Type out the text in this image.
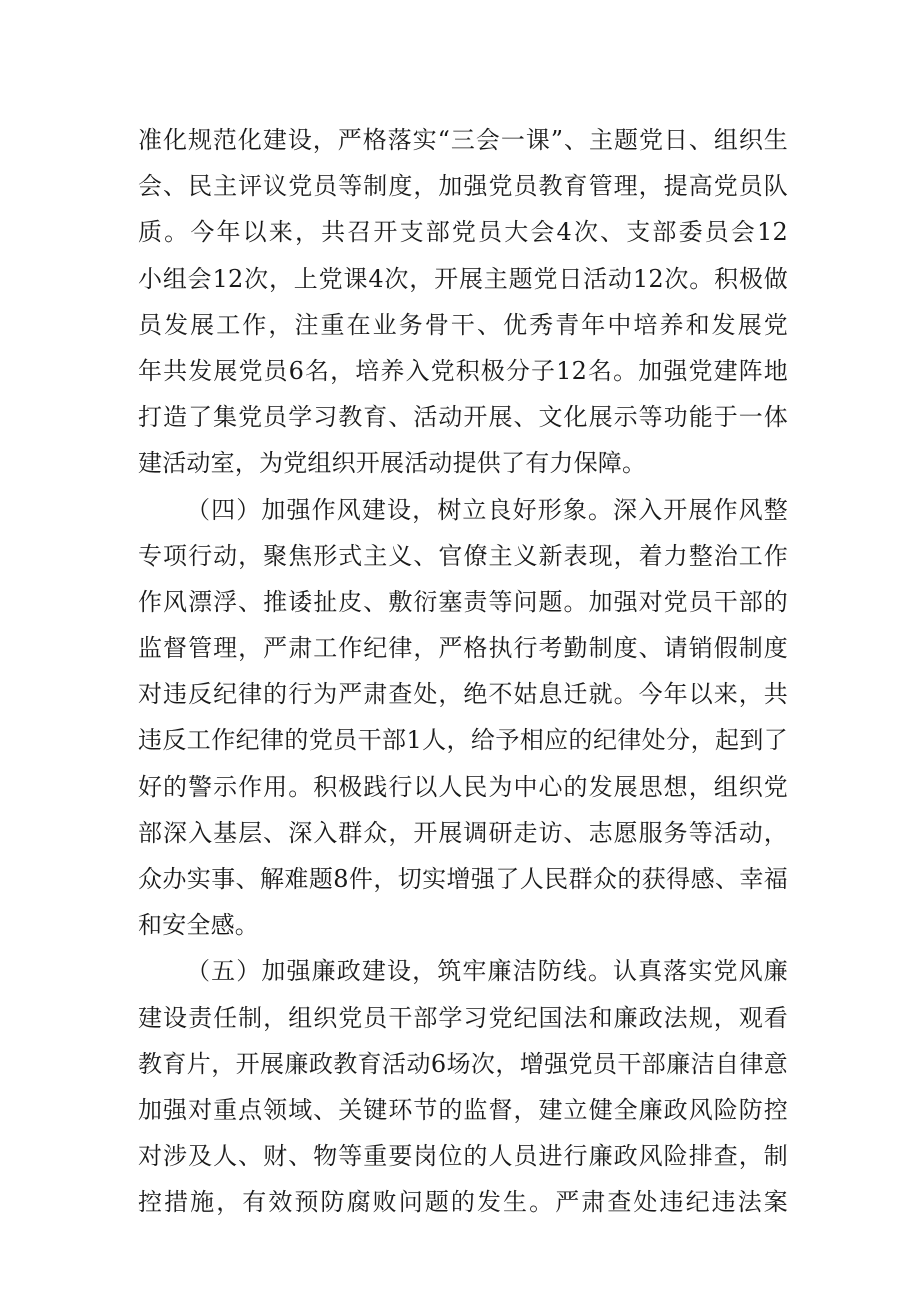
准化规范化建设，严格落实“三会一课”、主题党日、组织生
会、民主评议党员等制度，加强党员教育管理，提高党员队
质。今年以来，共召开支部党员大会4次、支部委员会12
小组会12次，上党课4次，开展主题党日活动12次。积极做
员发展工作，注重在业务骨干、优秀青年中培养和发展党
年共发展党员6名，培养入党积极分子12名。加强党建阵地
打造了集党员学习教育、活动开展、文化展示等功能于一体
建活动室，为党组织开展活动提供了有力保障。
（四）加强作风建设，树立良好形象。深入开展作风整
专项行动，聚焦形式主义、官僚主义新表现，着力整治工作
作风漂浮、推诿扯皮、敷衍塞责等问题。加强对党员干部的
监督管理，严肃工作纪律，严格执行考勤制度、请销假制度
对违反纪律的行为严肃查处，绝不姑息迁就。今年以来，共
违反工作纪律的党员干部1人，给予相应的纪律处分，起到了
好的警示作用。积极践行以人民为中心的发展思想，组织党
部深入基层、深入群众，开展调研走访、志愿服务等活动，
众办实事、解难题8件，切实增强了人民群众的获得感、幸福
和安全感。
（五）加强廉政建设，筑牢廉洁防线。认真落实党风廉
建设责任制，组织党员干部学习党纪国法和廉政法规，观看
教育片，开展廉政教育活动6场次，增强党员干部廉洁自律意
加强对重点领域、关键环节的监督，建立健全廉政风险防控
对涉及人、财、物等重要岗位的人员进行廉政风险排查，制
控措施，有效预防腐败问题的发生。严肃查处违纪违法案
